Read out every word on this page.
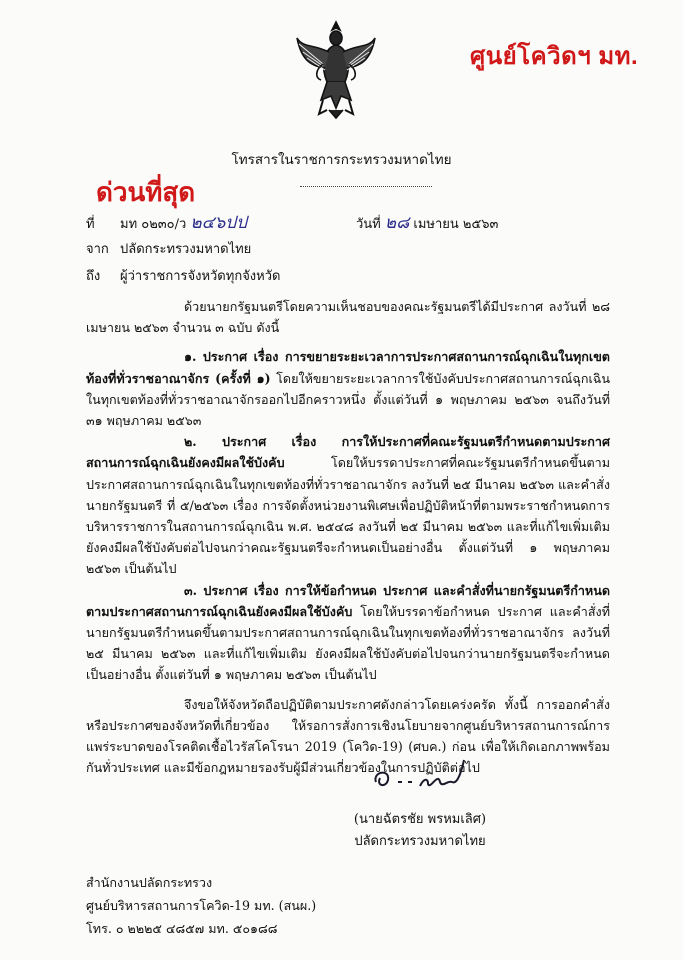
ศูนย์โควิดฯ มท.
โทรสารในราชการกระทรวงมหาดไทย
ด่วนที่สุด
ที่ มท ๐๒๓๐/ว ๒๔๖ปป	วันที่ ๒๘ เมษายน ๒๕๖๓
จาก ปลัดกระทรวงมหาดไทย
ถึง ผู้ว่าราชการจังหวัดทุกจังหวัด

ด้วยนายกรัฐมนตรีโดยความเห็นชอบของคณะรัฐมนตรีได้มีประกาศ ลงวันที่ ๒๘ เมษายน ๒๕๖๓ จำนวน ๓ ฉบับ ดังนี้

๑. ประกาศ เรื่อง การขยายระยะเวลาการประกาศสถานการณ์ฉุกเฉินในทุกเขตท้องที่ทั่วราชอาณาจักร (ครั้งที่ ๑) โดยให้ขยายระยะเวลาการใช้บังคับประกาศสถานการณ์ฉุกเฉินในทุกเขตท้องที่ทั่วราชอาณาจักรออกไปอีกคราวหนึ่ง ตั้งแต่วันที่ ๑ พฤษภาคม ๒๕๖๓ จนถึงวันที่ ๓๑ พฤษภาคม ๒๕๖๓

๒. ประกาศ เรื่อง การให้ประกาศที่คณะรัฐมนตรีกำหนดตามประกาศสถานการณ์ฉุกเฉินยังคงมีผลใช้บังคับ โดยให้บรรดาประกาศที่คณะรัฐมนตรีกำหนดขึ้นตามประกาศสถานการณ์ฉุกเฉินในทุกเขตท้องที่ทั่วราชอาณาจักร ลงวันที่ ๒๕ มีนาคม ๒๕๖๓ และคำสั่งนายกรัฐมนตรี ที่ ๕/๒๕๖๓ เรื่อง การจัดตั้งหน่วยงานพิเศษเพื่อปฏิบัติหน้าที่ตามพระราชกำหนดการบริหารราชการในสถานการณ์ฉุกเฉิน พ.ศ. ๒๕๔๘ ลงวันที่ ๒๕ มีนาคม ๒๕๖๓ และที่แก้ไขเพิ่มเติม ยังคงมีผลใช้บังคับต่อไปจนกว่าคณะรัฐมนตรีจะกำหนดเป็นอย่างอื่น ตั้งแต่วันที่ ๑ พฤษภาคม ๒๕๖๓ เป็นต้นไป

๓. ประกาศ เรื่อง การให้ข้อกำหนด ประกาศ และคำสั่งที่นายกรัฐมนตรีกำหนดตามประกาศสถานการณ์ฉุกเฉินยังคงมีผลใช้บังคับ โดยให้บรรดาข้อกำหนด ประกาศ และคำสั่งที่นายกรัฐมนตรีกำหนดขึ้นตามประกาศสถานการณ์ฉุกเฉินในทุกเขตท้องที่ทั่วราชอาณาจักร ลงวันที่ ๒๕ มีนาคม ๒๕๖๓ และที่แก้ไขเพิ่มเติม ยังคงมีผลใช้บังคับต่อไปจนกว่านายกรัฐมนตรีจะกำหนดเป็นอย่างอื่น ตั้งแต่วันที่ ๑ พฤษภาคม ๒๕๖๓ เป็นต้นไป

จึงขอให้จังหวัดถือปฏิบัติตามประกาศดังกล่าวโดยเคร่งครัด ทั้งนี้ การออกคำสั่งหรือประกาศของจังหวัดที่เกี่ยวข้อง ให้รอการสั่งการเชิงนโยบายจากศูนย์บริหารสถานการณ์การแพร่ระบาดของโรคติดเชื้อไวรัสโคโรนา 2019 (โควิด-19) (ศบค.) ก่อน เพื่อให้เกิดเอกภาพพร้อมกันทั่วประเทศ และมีข้อกฎหมายรองรับผู้มีส่วนเกี่ยวข้องในการปฏิบัติต่อไป

(นายฉัตรชัย พรหมเลิศ)
ปลัดกระทรวงมหาดไทย
สำนักงานปลัดกระทรวง
ศูนย์บริหารสถานการโควิด-19 มท. (สนผ.)
โทร. ๐ ๒๒๒๕ ๔๘๕๗ มท. ๕๐๑๘๘
